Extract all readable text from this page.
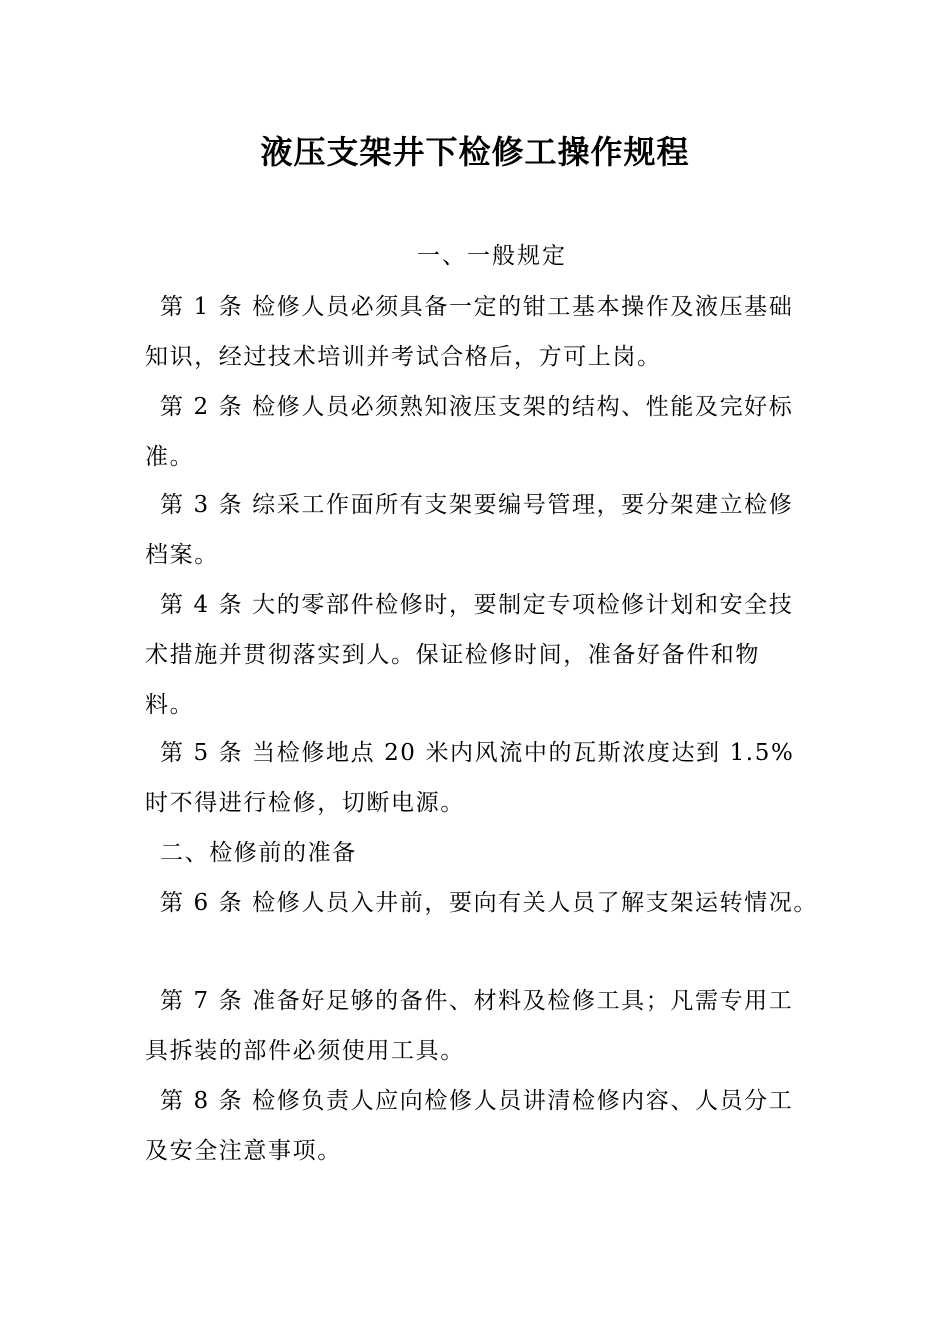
液压支架井下检修工操作规程

一、一般规定

第 1 条 检修人员必须具备一定的钳工基本操作及液压基础
知识，经过技术培训并考试合格后，方可上岗。
第 2 条 检修人员必须熟知液压支架的结构、性能及完好标
准。
第 3 条 综采工作面所有支架要编号管理，要分架建立检修
档案。
第 4 条 大的零部件检修时，要制定专项检修计划和安全技
术措施并贯彻落实到人。保证检修时间，准备好备件和物
料。
第 5 条 当检修地点 20 米内风流中的瓦斯浓度达到 1.5%
时不得进行检修，切断电源。
二、检修前的准备
第 6 条 检修人员入井前，要向有关人员了解支架运转情况。
第 7 条 准备好足够的备件、材料及检修工具；凡需专用工
具拆装的部件必须使用工具。
第 8 条 检修负责人应向检修人员讲清检修内容、人员分工
及安全注意事项。
